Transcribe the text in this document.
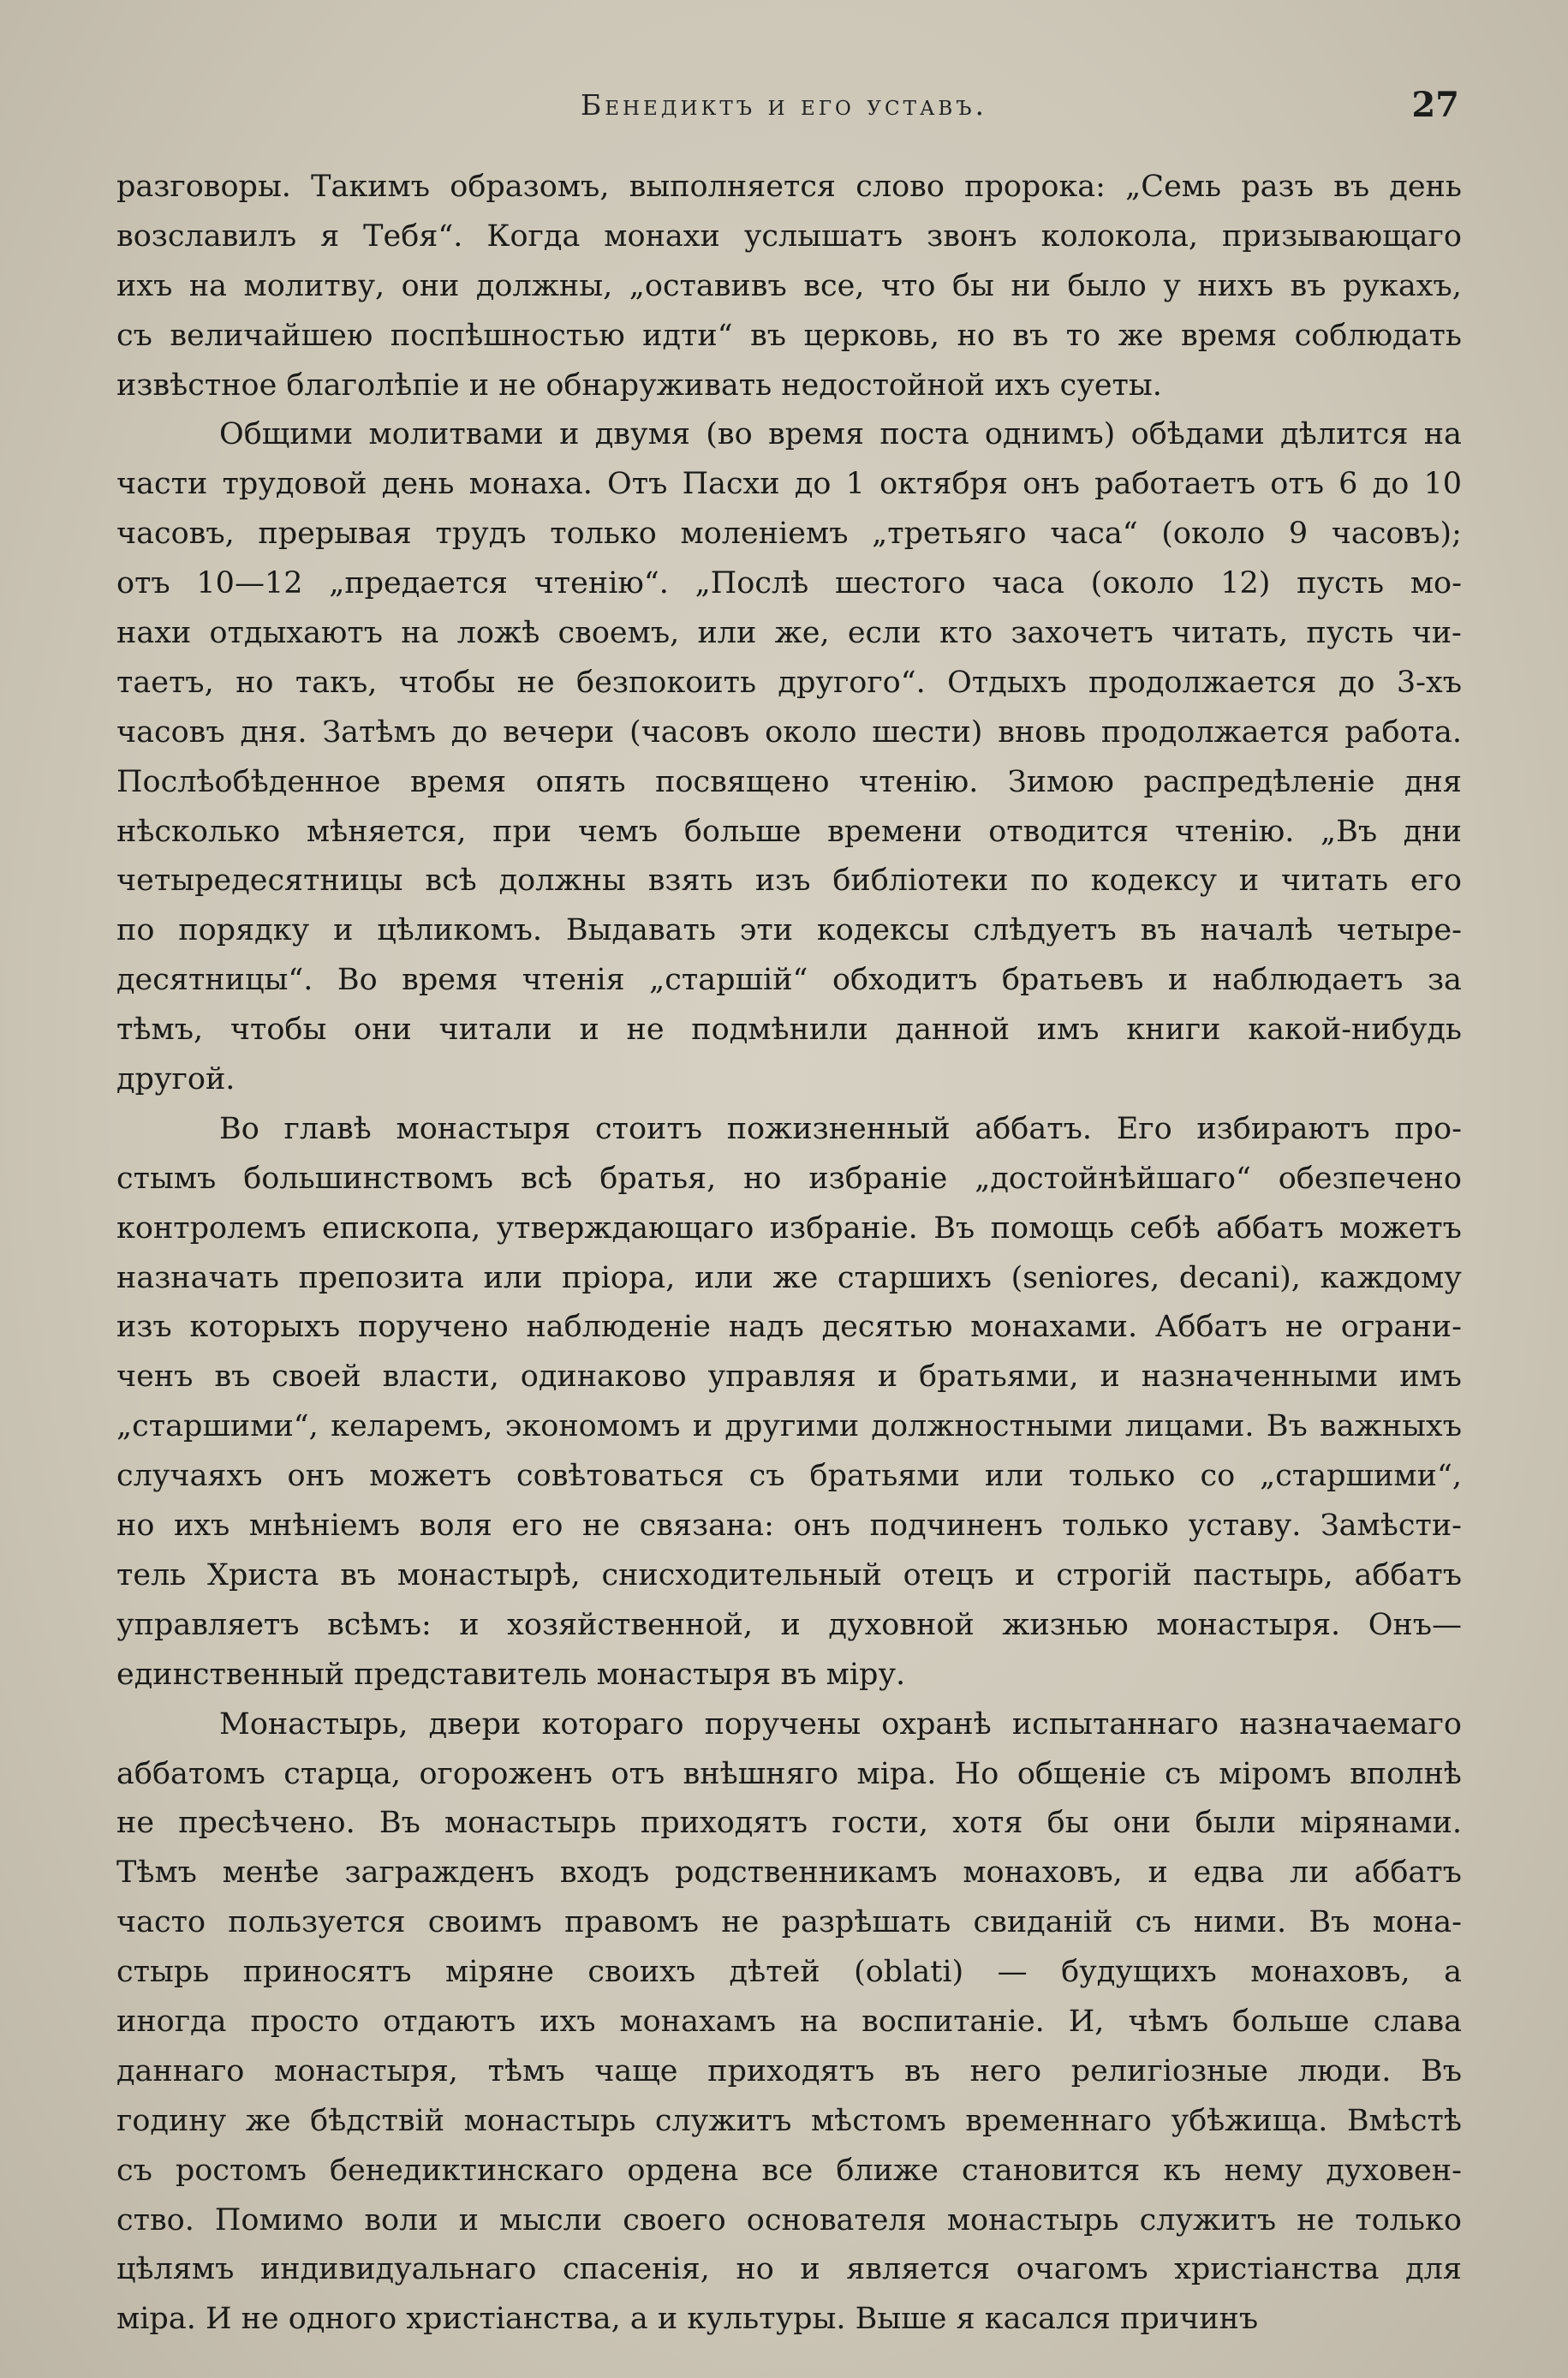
Бенедиктъ и его уставъ.	27
разговоры. Такимъ образомъ, выполняется слово пророка: „Семь разъ въ день
возславилъ я Тебя“. Когда монахи услышатъ звонъ колокола, призывающаго
ихъ на молитву, они должны, „оставивъ все, что бы ни было у нихъ въ рукахъ,
съ величайшею поспѣшностью идти“ въ церковь, но въ то же время соблюдать
извѣстное благолѣпіе и не обнаруживать недостойной ихъ суеты.
Общими молитвами и двумя (во время поста однимъ) обѣдами дѣлится на
части трудовой день монаха. Отъ Пасхи до 1 октября онъ работаетъ отъ 6 до 10
часовъ, прерывая трудъ только моленіемъ „третьяго часа“ (около 9 часовъ);
отъ 10—12 „предается чтенію“. „Послѣ шестого часа (около 12) пусть мо-
нахи отдыхаютъ на ложѣ своемъ, или же, если кто захочетъ читать, пусть чи-
таетъ, но такъ, чтобы не безпокоить другого“. Отдыхъ продолжается до 3-хъ
часовъ дня. Затѣмъ до вечери (часовъ около шести) вновь продолжается работа.
Послѣобѣденное время опять посвящено чтенію. Зимою распредѣленіе дня
нѣсколько мѣняется, при чемъ больше времени отводится чтенію. „Въ дни
четыредесятницы всѣ должны взять изъ библіотеки по кодексу и читать его
по порядку и цѣликомъ. Выдавать эти кодексы слѣдуетъ въ началѣ четыре-
десятницы“. Во время чтенія „старшій“ обходитъ братьевъ и наблюдаетъ за
тѣмъ, чтобы они читали и не подмѣнили данной имъ книги какой-нибудь
другой.
Во главѣ монастыря стоитъ пожизненный аббатъ. Его избираютъ про-
стымъ большинствомъ всѣ братья, но избраніе „достойнѣйшаго“ обезпечено
контролемъ епископа, утверждающаго избраніе. Въ помощь себѣ аббатъ можетъ
назначать препозита или пріора, или же старшихъ (seniores, decani), каждому
изъ которыхъ поручено наблюденіе надъ десятью монахами. Аббатъ не ограни-
ченъ въ своей власти, одинаково управляя и братьями, и назначенными имъ
„старшими“, келаремъ, экономомъ и другими должностными лицами. Въ важныхъ
случаяхъ онъ можетъ совѣтоваться съ братьями или только со „старшими“,
но ихъ мнѣніемъ воля его не связана: онъ подчиненъ только уставу. Замѣсти-
тель Христа въ монастырѣ, снисходительный отецъ и строгій пастырь, аббатъ
управляетъ всѣмъ: и хозяйственной, и духовной жизнью монастыря. Онъ—
единственный представитель монастыря въ міру.
Монастырь, двери котораго поручены охранѣ испытаннаго назначаемаго
аббатомъ старца, огороженъ отъ внѣшняго міра. Но общеніе съ міромъ вполнѣ
не пресѣчено. Въ монастырь приходятъ гости, хотя бы они были мірянами.
Тѣмъ менѣе загражденъ входъ родственникамъ монаховъ, и едва ли аббатъ
часто пользуется своимъ правомъ не разрѣшать свиданій съ ними. Въ мона-
стырь приносятъ міряне своихъ дѣтей (oblati) — будущихъ монаховъ, а
иногда просто отдаютъ ихъ монахамъ на воспитаніе. И, чѣмъ больше слава
даннаго монастыря, тѣмъ чаще приходятъ въ него религіозные люди. Въ
годину же бѣдствій монастырь служитъ мѣстомъ временнаго убѣжища. Вмѣстѣ
съ ростомъ бенедиктинскаго ордена все ближе становится къ нему духовен-
ство. Помимо воли и мысли своего основателя монастырь служитъ не только
цѣлямъ индивидуальнаго спасенія, но и является очагомъ христіанства для
міра. И не одного христіанства, а и культуры. Выше я касался причинъ
